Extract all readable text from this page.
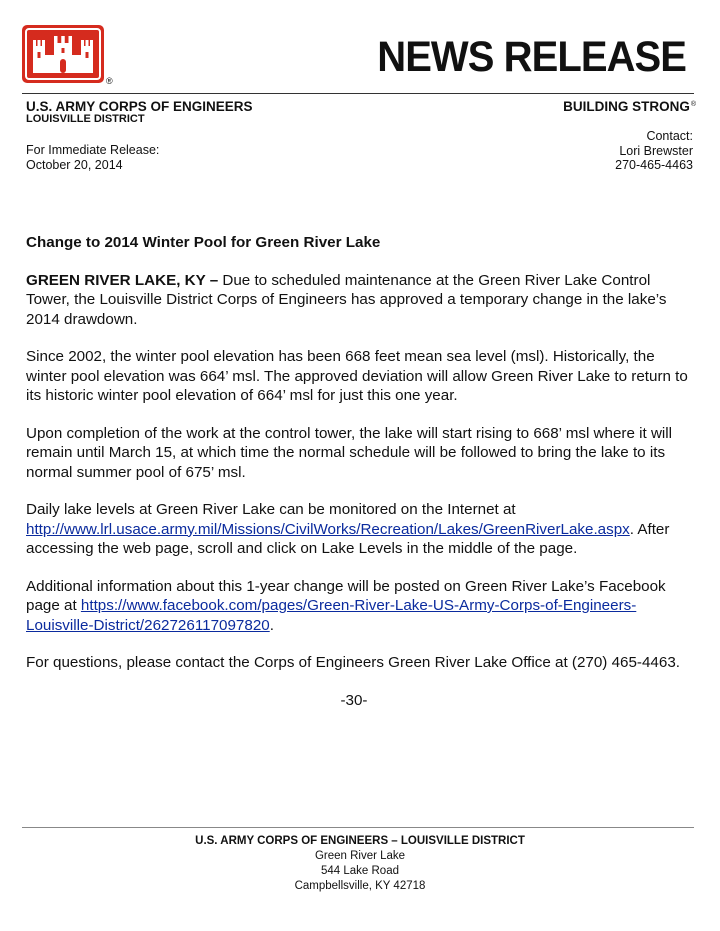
®	NEWS RELEASE
U.S. ARMY CORPS OF ENGINEERS
LOUISVILLE DISTRICT
BUILDING STRONG®
For Immediate Release:
October 20, 2014
Contact:
Lori Brewster
270-465-4463
Change to 2014 Winter Pool for Green River Lake

GREEN RIVER LAKE, KY – Due to scheduled maintenance at the Green River Lake Control Tower, the Louisville District Corps of Engineers has approved a temporary change in the lake’s 2014 drawdown.

Since 2002, the winter pool elevation has been 668 feet mean sea level (msl). Historically, the winter pool elevation was 664’ msl. The approved deviation will allow Green River Lake to return to its historic winter pool elevation of 664’ msl for just this one year.

Upon completion of the work at the control tower, the lake will start rising to 668’ msl where it will remain until March 15, at which time the normal schedule will be followed to bring the lake to its normal summer pool of 675’ msl.

Daily lake levels at Green River Lake can be monitored on the Internet at http://www.lrl.usace.army.mil/Missions/CivilWorks/Recreation/Lakes/GreenRiverLake.aspx. After accessing the web page, scroll and click on Lake Levels in the middle of the page.

Additional information about this 1-year change will be posted on Green River Lake’s Facebook page at https://www.facebook.com/pages/Green-River-Lake-US-Army-Corps-of-Engineers-Louisville-District/262726117097820.

For questions, please contact the Corps of Engineers Green River Lake Office at (270) 465-4463.

-30-
U.S. ARMY CORPS OF ENGINEERS – LOUISVILLE DISTRICT
Green River Lake
544 Lake Road
Campbellsville, KY 42718
